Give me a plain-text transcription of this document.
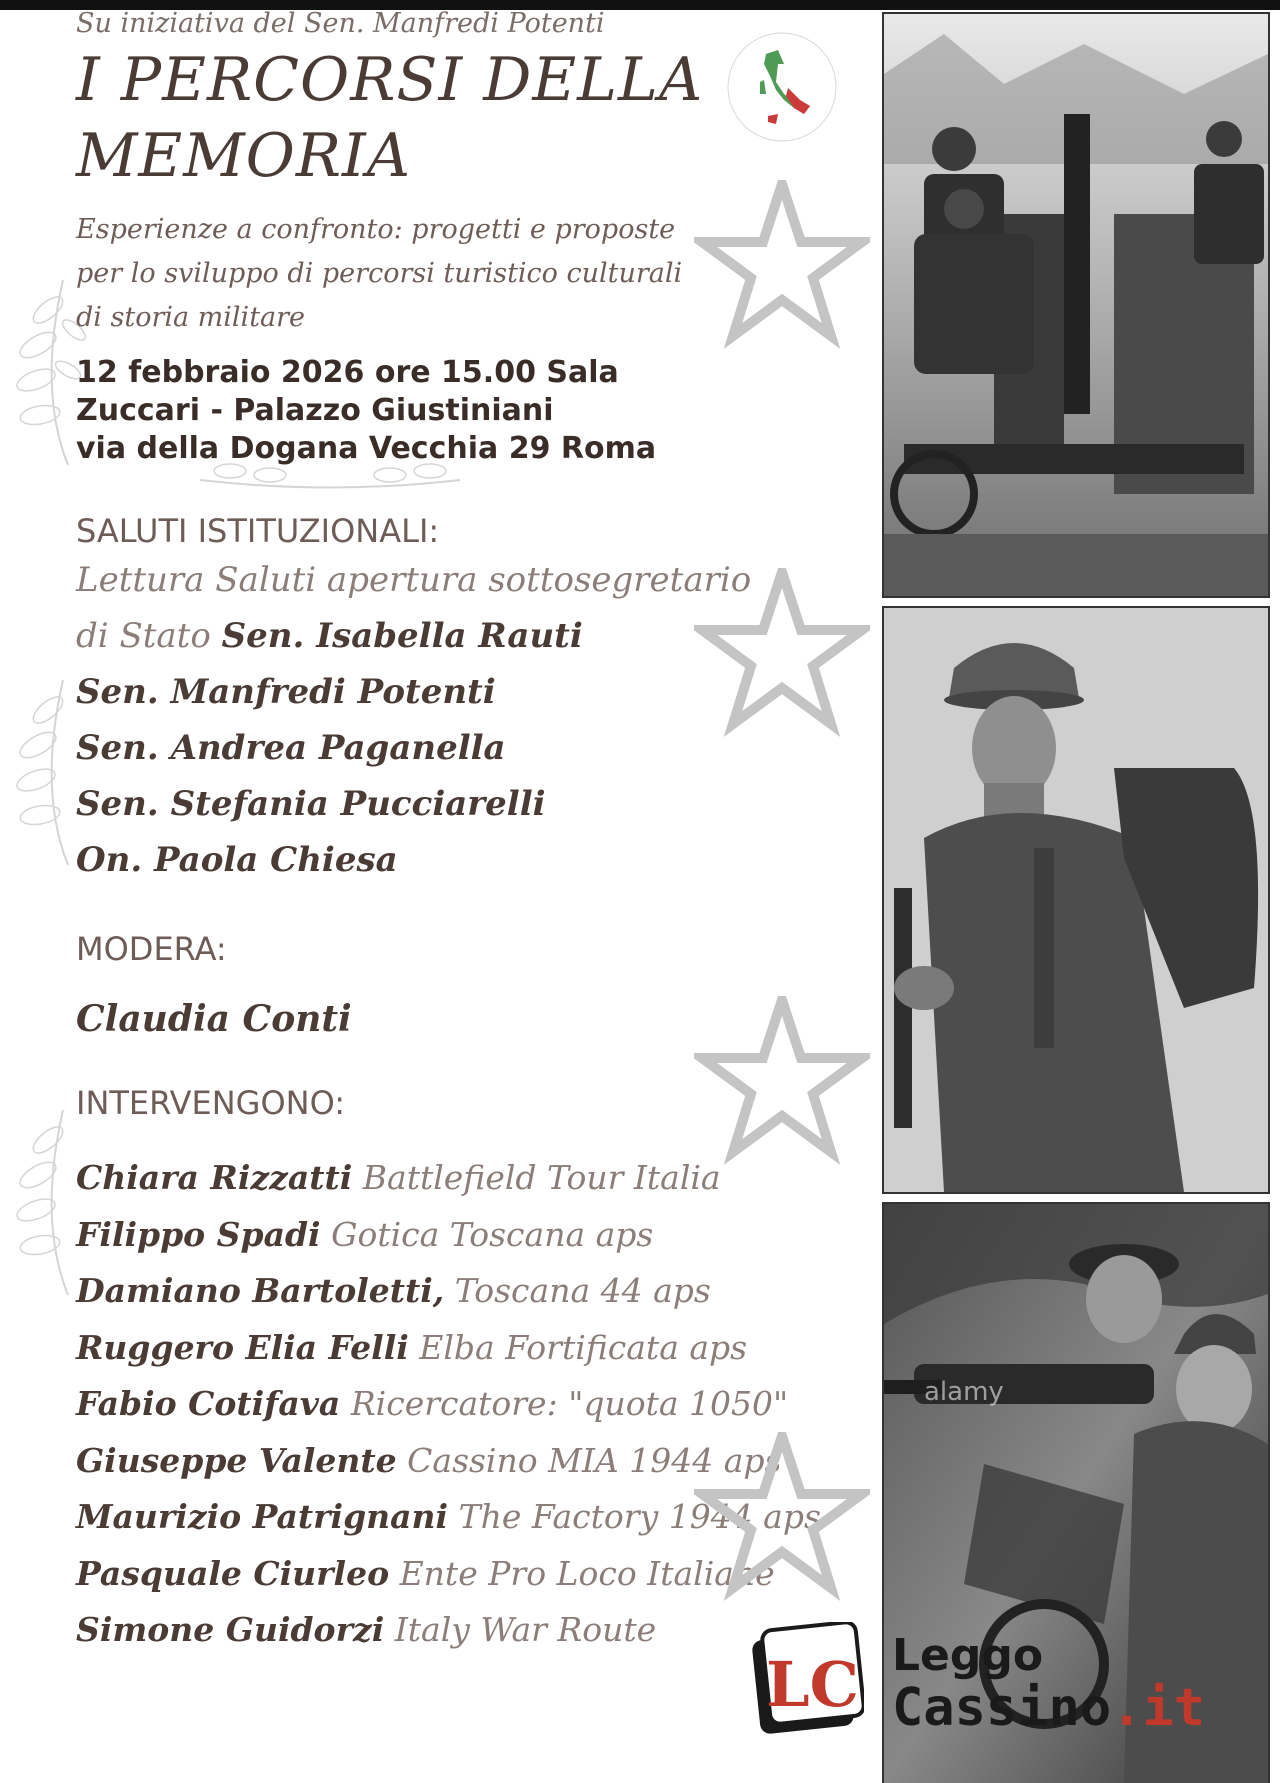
Su iniziativa del Sen. Manfredi Potenti
I PERCORSI DELLA
MEMORIA
Esperienze a confronto: progetti e proposte
per lo sviluppo di percorsi turistico culturali
di storia militare
12 febbraio 2026 ore 15.00 Sala
Zuccari - Palazzo Giustiniani
via della Dogana Vecchia 29 Roma
SALUTI ISTITUZIONALI:
Lettura Saluti apertura sottosegretario
di Stato Sen. Isabella Rauti
Sen. Manfredi Potenti
Sen. Andrea Paganella
Sen. Stefania Pucciarelli
On. Paola Chiesa
MODERA:
Claudia Conti
INTERVENGONO:
Chiara Rizzatti Battlefield Tour Italia
Filippo Spadi Gotica Toscana aps
Damiano Bartoletti, Toscana 44 aps
Ruggero Elia Felli Elba Fortificata aps
Fabio Cotifava Ricercatore: "quota 1050"
Giuseppe Valente Cassino MIA 1944 aps
Maurizio Patrignani The Factory 1944 aps
Pasquale Ciurleo Ente Pro Loco Italiane
Simone Guidorzi Italy War Route
alamy
LC Leggo
Cassino.it
